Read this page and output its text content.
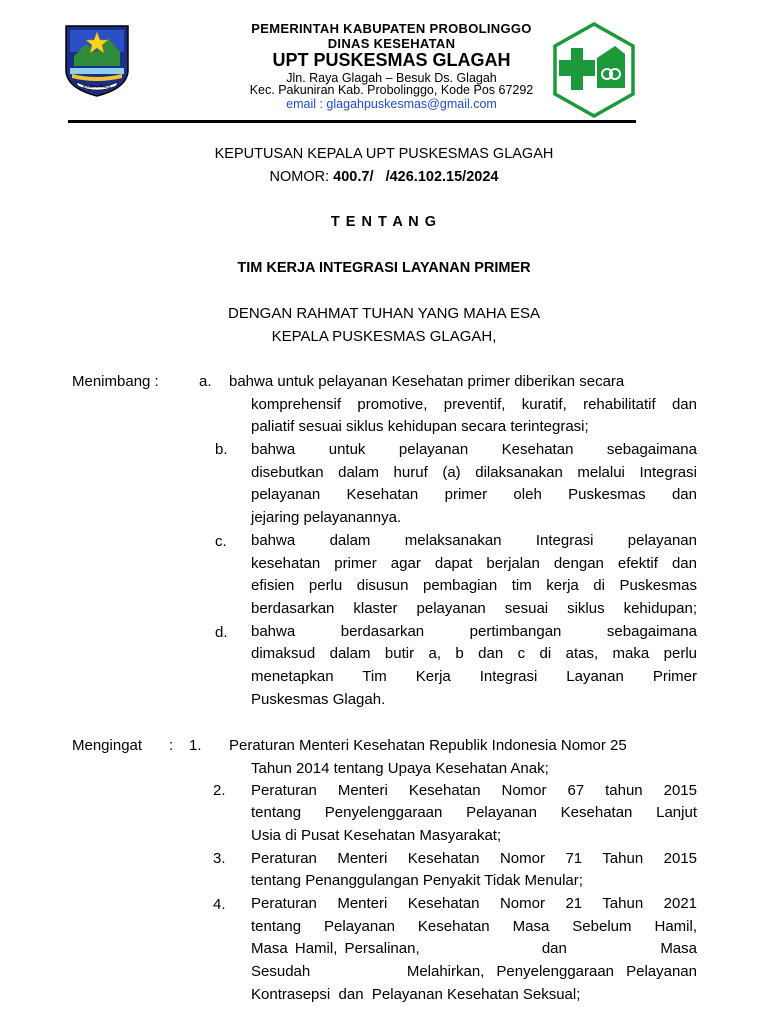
BHAKTI PRAJA
PEMERINTAH KABUPATEN PROBOLINGGO
DINAS KESEHATAN
UPT PUSKESMAS GLAGAH
Jln. Raya Glagah – Besuk Ds. Glagah
Kec. Pakuniran Kab. Probolinggo, Kode Pos 67292
email : glagahpuskesmas@gmail.com
KEPUTUSAN KEPALA UPT PUSKESMAS GLAGAH
NOMOR: 400.7/   /426.102.15/2024
T E N T A N G
TIM KERJA INTEGRASI LAYANAN PRIMER
DENGAN RAHMAT TUHAN YANG MAHA ESA
KEPALA PUSKESMAS GLAGAH,
Menimbang :	a. bahwa untuk pelayanan Kesehatan primer diberikan secara
komprehensif promotive, preventif, kuratif, rehabilitatif dan
paliatif sesuai siklus kehidupan secara terintegrasi;
b. bahwa untuk pelayanan Kesehatan sebagaimana
disebutkan dalam huruf (a) dilaksanakan melalui Integrasi
pelayanan Kesehatan primer oleh Puskesmas dan
jejaring pelayanannya.
c. bahwa dalam melaksanakan Integrasi pelayanan
kesehatan primer agar dapat berjalan dengan efektif dan
efisien perlu disusun pembagian tim kerja di Puskesmas
berdasarkan klaster pelayanan sesuai siklus kehidupan;
d. bahwa berdasarkan pertimbangan sebagaimana
dimaksud dalam butir a, b dan c di atas, maka perlu
menetapkan Tim Kerja Integrasi Layanan Primer
Puskesmas Glagah.
Mengingat : 1. Peraturan Menteri Kesehatan Republik Indonesia Nomor 25
Tahun 2014 tentang Upaya Kesehatan Anak;
2. Peraturan Menteri Kesehatan Nomor 67 tahun 2015
tentang Penyelenggaraan Pelayanan Kesehatan Lanjut
Usia di Pusat Kesehatan Masyarakat;
3. Peraturan Menteri Kesehatan Nomor 71 Tahun 2015
tentang Penanggulangan Penyakit Tidak Menular;
4. Peraturan Menteri Kesehatan Nomor 21 Tahun 2021
tentang Pelayanan Kesehatan Masa Sebelum Hamil,
Masa Hamil, Persalinan,                 dan             Masa
Sesudah        Melahirkan, Penyelenggaraan Pelayanan
Kontrasepsi  dan  Pelayanan Kesehatan Seksual;
